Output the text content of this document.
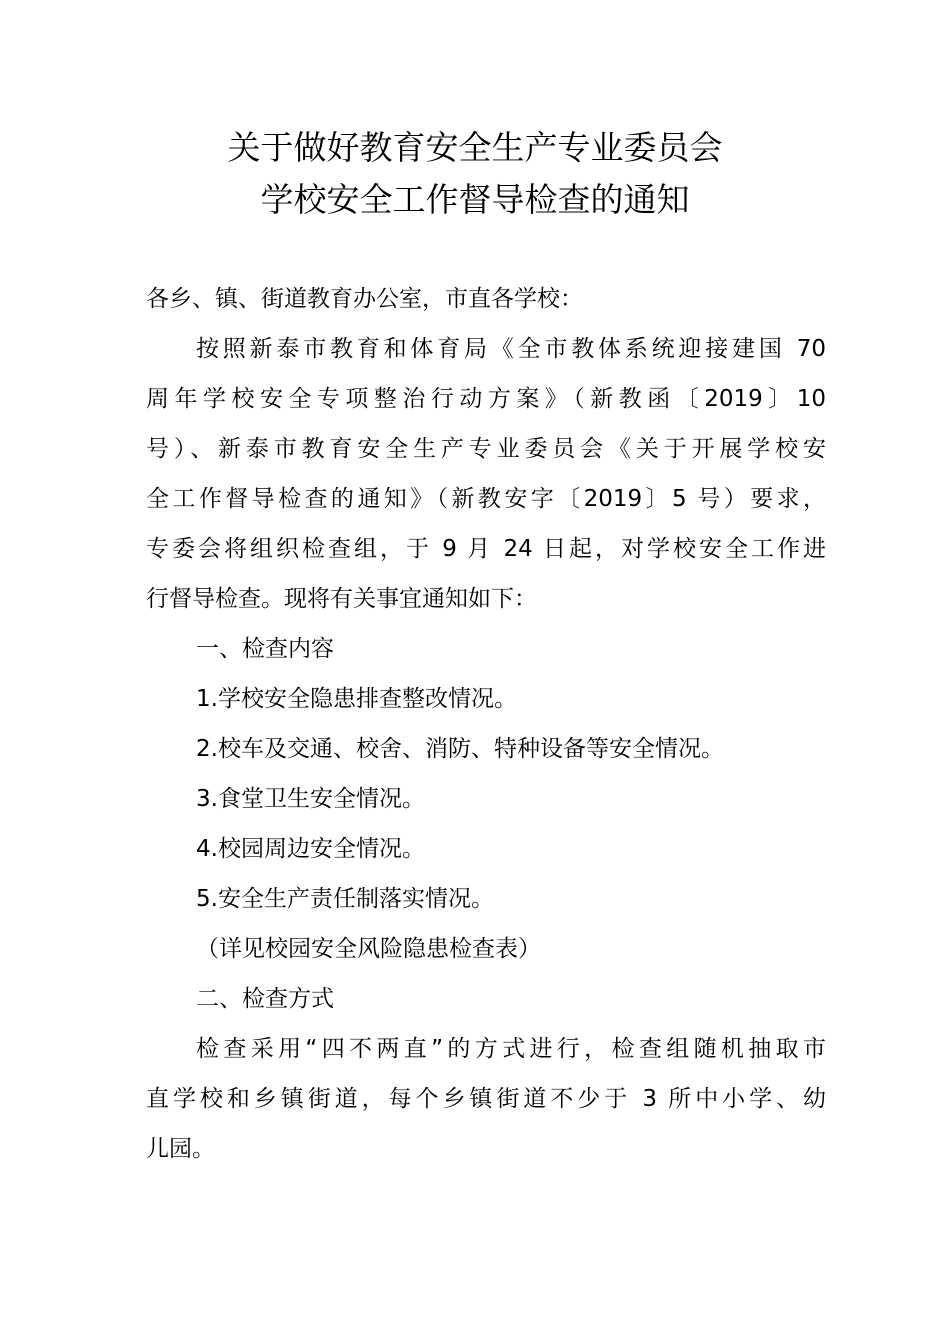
关于做好教育安全生产专业委员会
学校安全工作督导检查的通知
各乡、镇、街道教育办公室，市直各学校：
按照新泰市教育和体育局《全市教体系统迎接建国 70
周年学校安全专项整治行动方案》（新教函〔2019〕10
号）、新泰市教育安全生产专业委员会《关于开展学校安
全工作督导检查的通知》（新教安字〔2019〕5 号）要求，
专委会将组织检查组，于 9 月 24 日起，对学校安全工作进
行督导检查。现将有关事宜通知如下：
一、检查内容
1.学校安全隐患排查整改情况。
2.校车及交通、校舍、消防、特种设备等安全情况。
3.食堂卫生安全情况。
4.校园周边安全情况。
5.安全生产责任制落实情况。
（详见校园安全风险隐患检查表）
二、检查方式
检查采用“四不两直”的方式进行，检查组随机抽取市
直学校和乡镇街道，每个乡镇街道不少于 3 所中小学、幼
儿园。
